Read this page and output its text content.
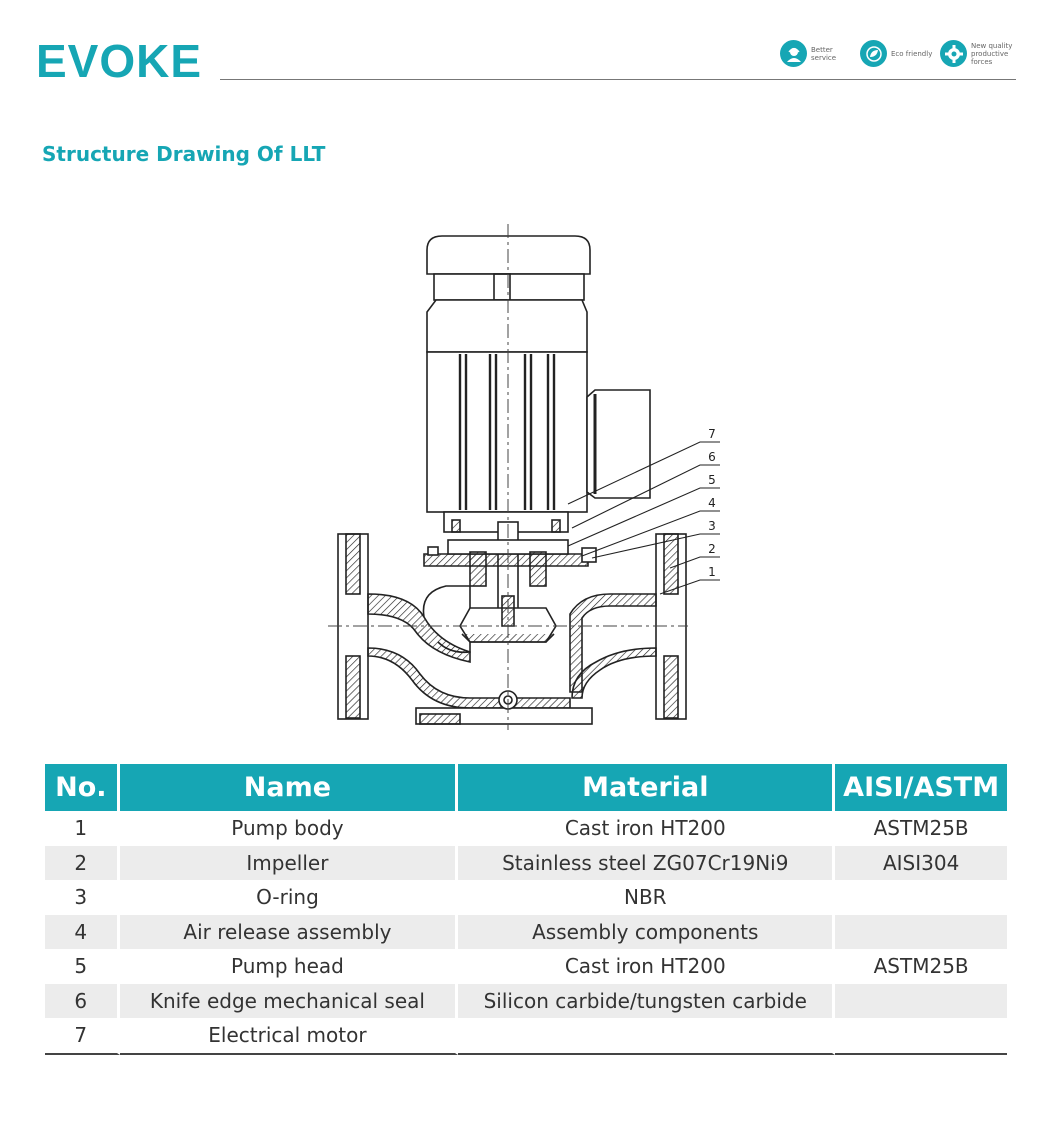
EVOKE	Better service	Eco friendly
New quality productive forces
Structure Drawing Of LLT
7
6
5
4
3
2
1
No.	Name	Material	AISI/ASTM
1	Pump body	Cast iron HT200	ASTM25B
2	Impeller	Stainless steel ZG07Cr19Ni9	AISI304
3	O-ring	NBR	
4	Air release assembly	Assembly components	
5	Pump head	Cast iron HT200	ASTM25B
6	Knife edge mechanical seal	Silicon carbide/tungsten carbide	
7	Electrical motor		
